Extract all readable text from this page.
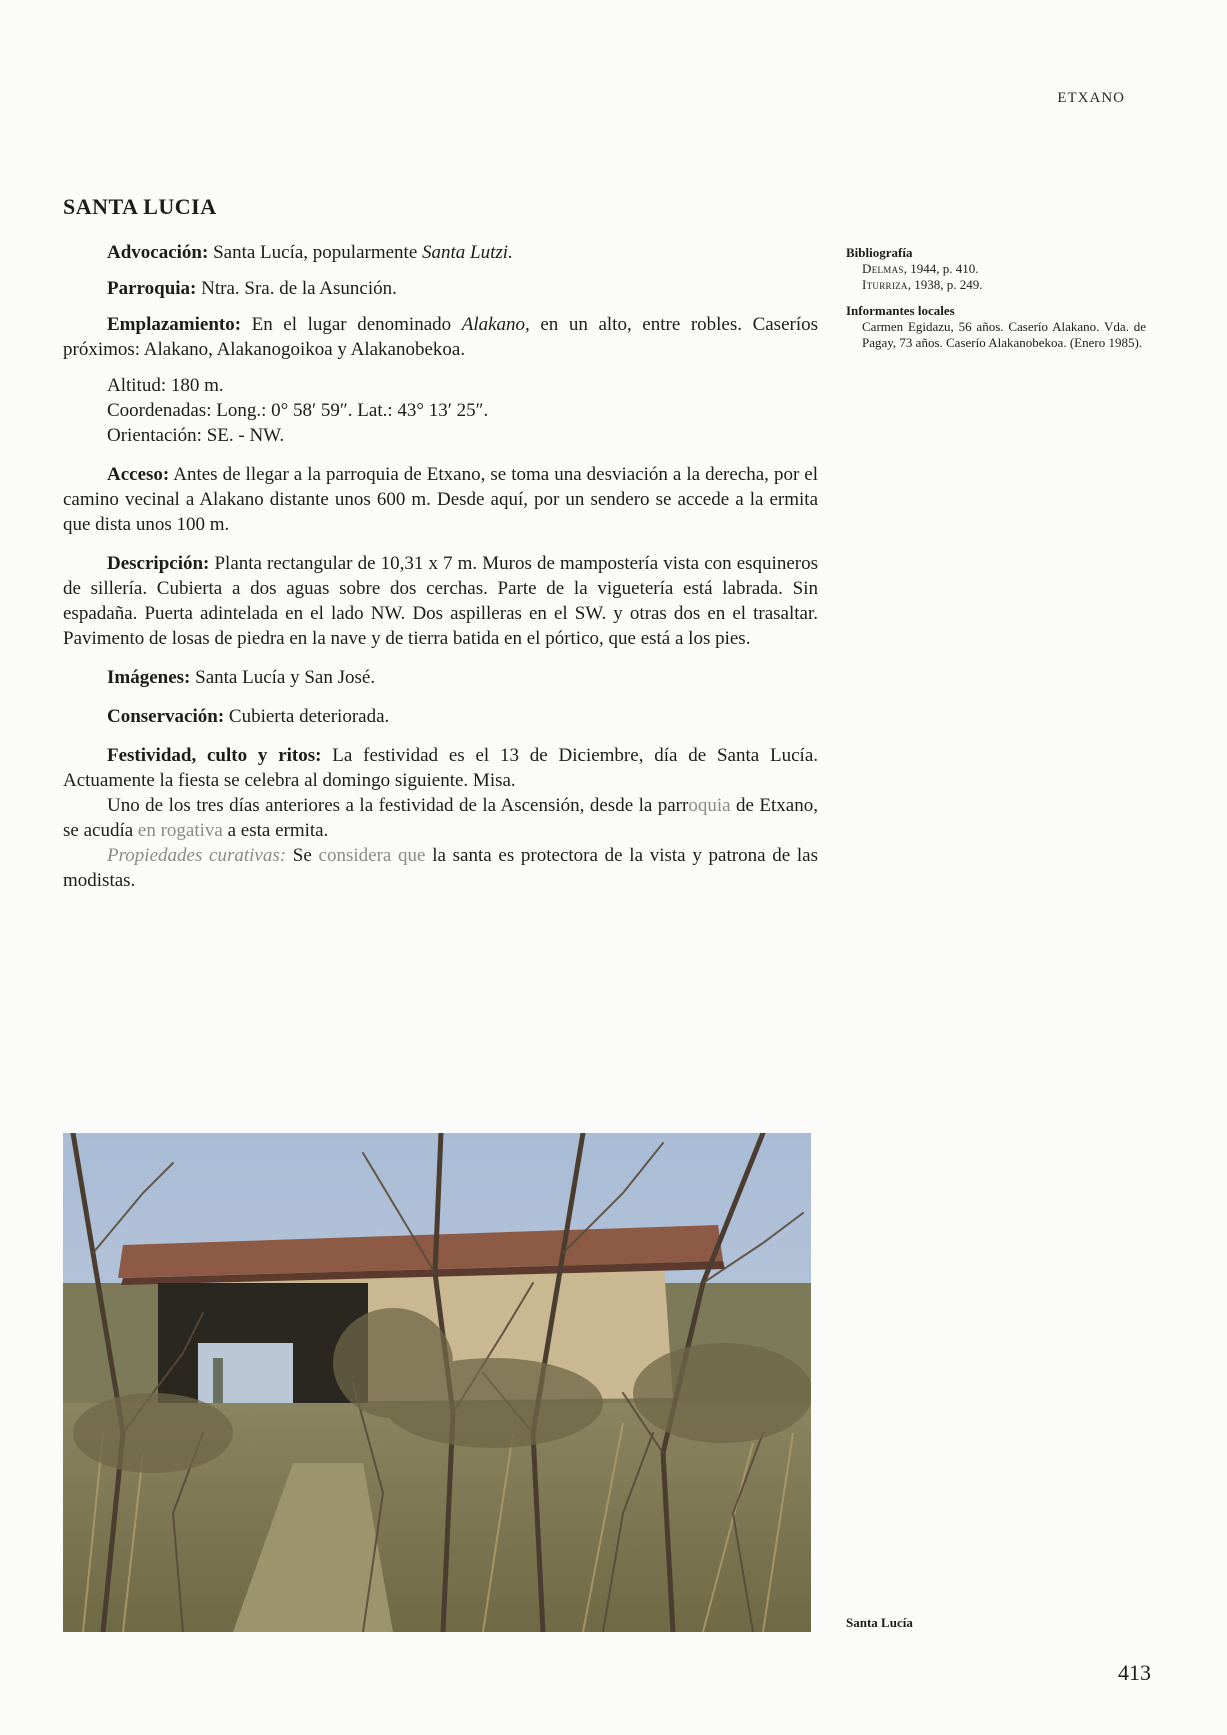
ETXANO
SANTA LUCIA

Advocación: Santa Lucía, popularmente Santa Lutzi.

Parroquia: Ntra. Sra. de la Asunción.

Emplazamiento: En el lugar denominado Alakano, en un alto, entre robles. Caseríos próximos: Alakano, Alakanogoikoa y Alakanobekoa.

Altitud: 180 m.

Coordenadas: Long.: 0° 58′ 59″. Lat.: 43° 13′ 25″.

Orientación: SE. - NW.

Acceso: Antes de llegar a la parroquia de Etxano, se toma una desviación a la derecha, por el camino vecinal a Alakano distante unos 600 m. Desde aquí, por un sendero se accede a la ermita que dista unos 100 m.

Descripción: Planta rectangular de 10,31 x 7 m. Muros de mampostería vista con esquineros de sillería. Cubierta a dos aguas sobre dos cerchas. Parte de la viguetería está labrada. Sin espadaña. Puerta adintelada en el lado NW. Dos aspilleras en el SW. y otras dos en el trasaltar. Pavimento de losas de piedra en la nave y de tierra batida en el pórtico, que está a los pies.

Imágenes: Santa Lucía y San José.

Conservación: Cubierta deteriorada.

Festividad, culto y ritos: La festividad es el 13 de Diciembre, día de Santa Lucía. Actuamente la fiesta se celebra al domingo siguiente. Misa.

Uno de los tres días anteriores a la festividad de la Ascensión, desde la parroquia de Etxano, se acudía en rogativa a esta ermita.

Propiedades curativas: Se considera que la santa es protectora de la vista y patrona de las modistas.

Bibliografía
Delmas, 1944, p. 410.
Iturriza, 1938, p. 249.
Informantes locales
Carmen Egidazu, 56 años. Caserío Alakano. Vda. de Pagay, 73 años. Caserío Alakanobekoa. (Enero 1985).
Santa Lucía
413
